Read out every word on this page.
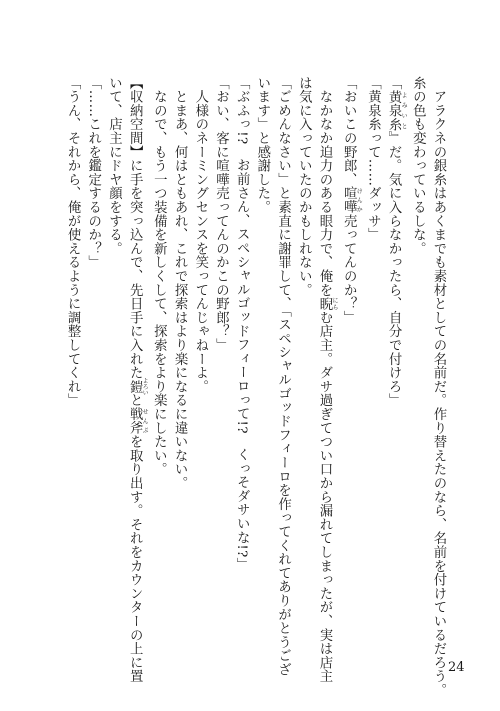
　アラクネの銀糸はあくまでも素材としての名前だ。作り替えたのなら、名前を付けているだろう。
糸の色も変わっているしな。
「黄泉糸 よみいと』だ。気に入らなかったら、自分で付けろ」
「黄泉糸って……ダッサ」
「おいこの野郎、喧嘩 けんか売ってんのか？」
　なかなか迫力のある眼力で、俺を睨 にらむ店主。ダサ過ぎてつい口から漏れてしまったが、実は店主
は気に入っていたのかもしれない。
「ごめんなさい」と素直に謝罪して、「スペシャルゴッドフィーロを作ってくれてありがとうござ
います」と感謝した。
「ぶふっ!?　お前さん、スペシャルゴッドフィーロって!?　くっそダサいな!?」
「おい、客に喧嘩売ってんのかこの野郎？」
　人様のネーミングセンスを笑ってんじゃねーよ。
　とまあ、何はともあれ、これで探索はより楽になるに違いない。
　なので、もう一つ装備を新しくして、探索をより楽にしたい。
【収納空間】に手を突っ込んで、先日手に入れた鎧 よろいと戦斧 せんぷを取り出す。それをカウンターの上に置
いて、店主にドヤ顔をする。
「……これを鑑定するのか？」
「うん、それから、俺が使えるように調整してくれ」
24
